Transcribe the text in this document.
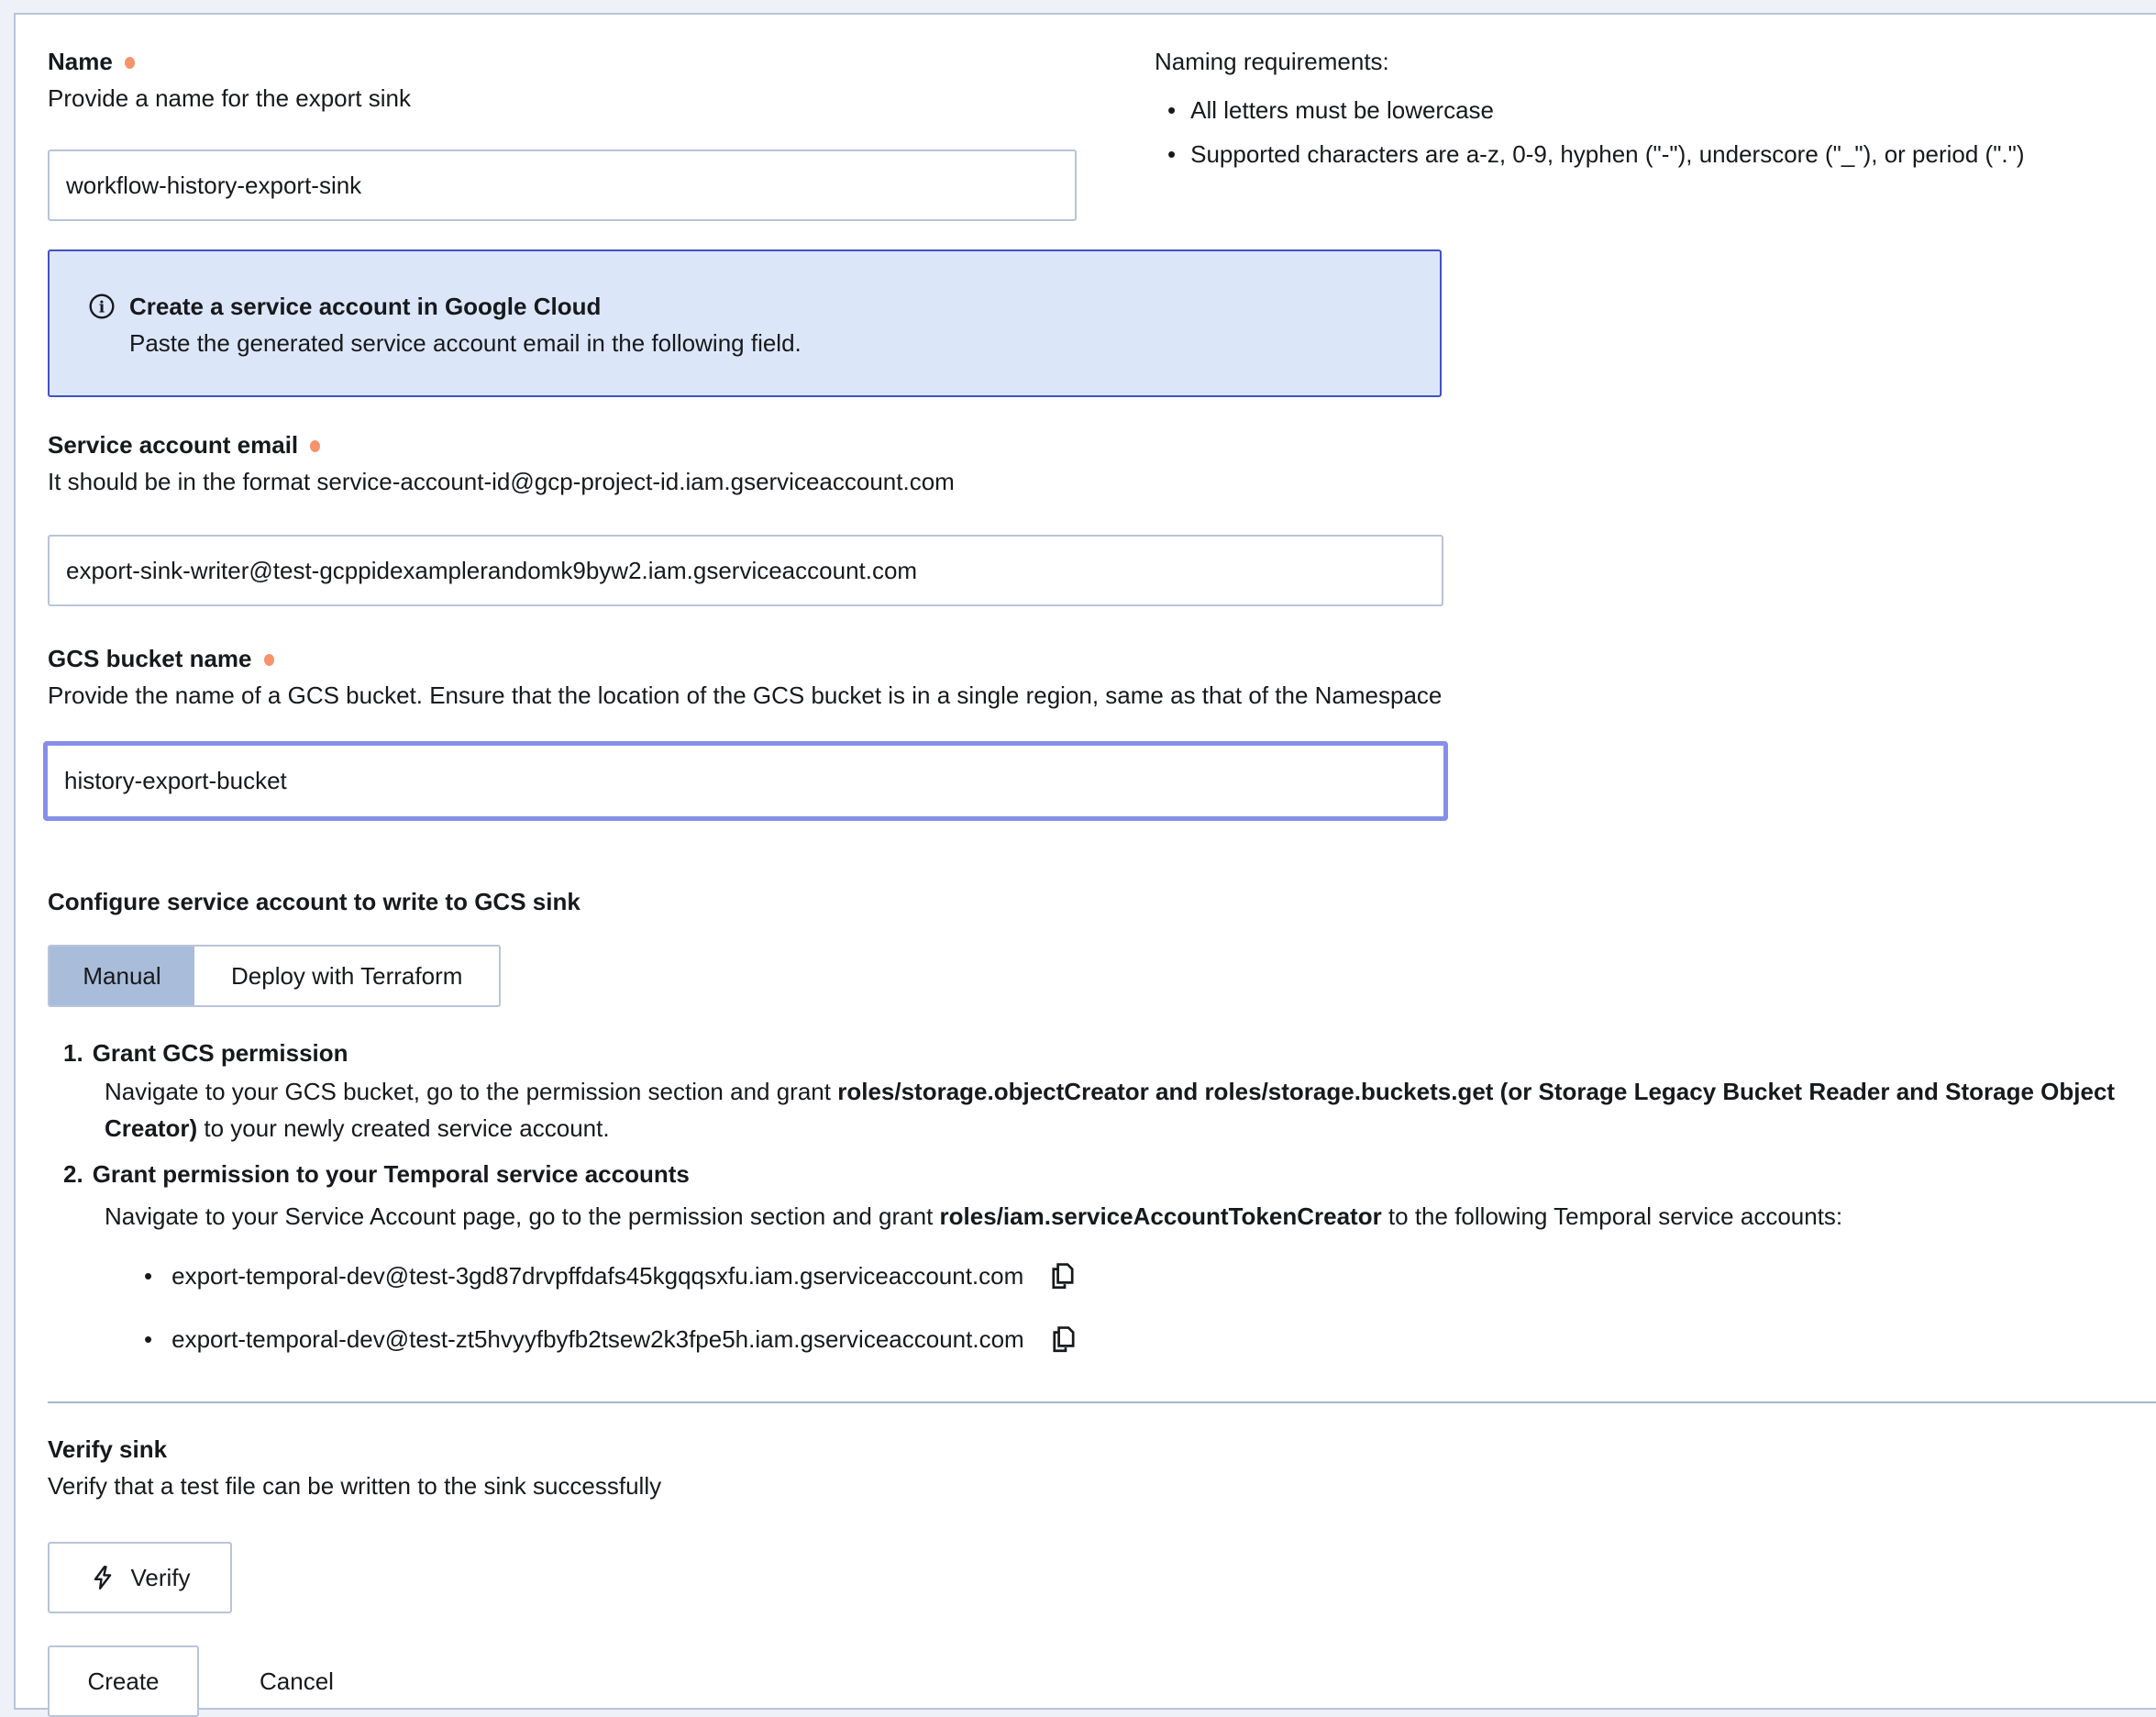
Name

Provide a name for the export sink

workflow-history-export-sink
Naming requirements:
• All letters must be lowercase
• Supported characters are a-z, 0-9, hyphen ("-"), underscore ("_"), or period (".")
i Create a service account in Google Cloud
Paste the generated service account email in the following field.
Service account email

It should be in the format service-account-id@gcp-project-id.iam.gserviceaccount.com

export-sink-writer@test-gcppidexamplerandomk9byw2.iam.gserviceaccount.com
GCS bucket name

Provide the name of a GCS bucket. Ensure that the location of the GCS bucket is in a single region, same as that of the Namespace

history-export-bucket
Configure service account to write to GCS sink
Manual	Deploy with Terraform
1. Grant GCS permission

Navigate to your GCS bucket, go to the permission section and grant roles/storage.objectCreator and roles/storage.buckets.get (or Storage Legacy Bucket Reader and Storage Object Creator) to your newly created service account.

2. Grant permission to your Temporal service accounts

Navigate to your Service Account page, go to the permission section and grant roles/iam.serviceAccountTokenCreator to the following Temporal service accounts:

• export-temporal-dev@test-3gd87drvpffdafs45kgqqsxfu.iam.gserviceaccount.com
• export-temporal-dev@test-zt5hvyyfbyfb2tsew2k3fpe5h.iam.gserviceaccount.com
Verify sink

Verify that a test file can be written to the sink successfully

Verify
Create	Cancel
